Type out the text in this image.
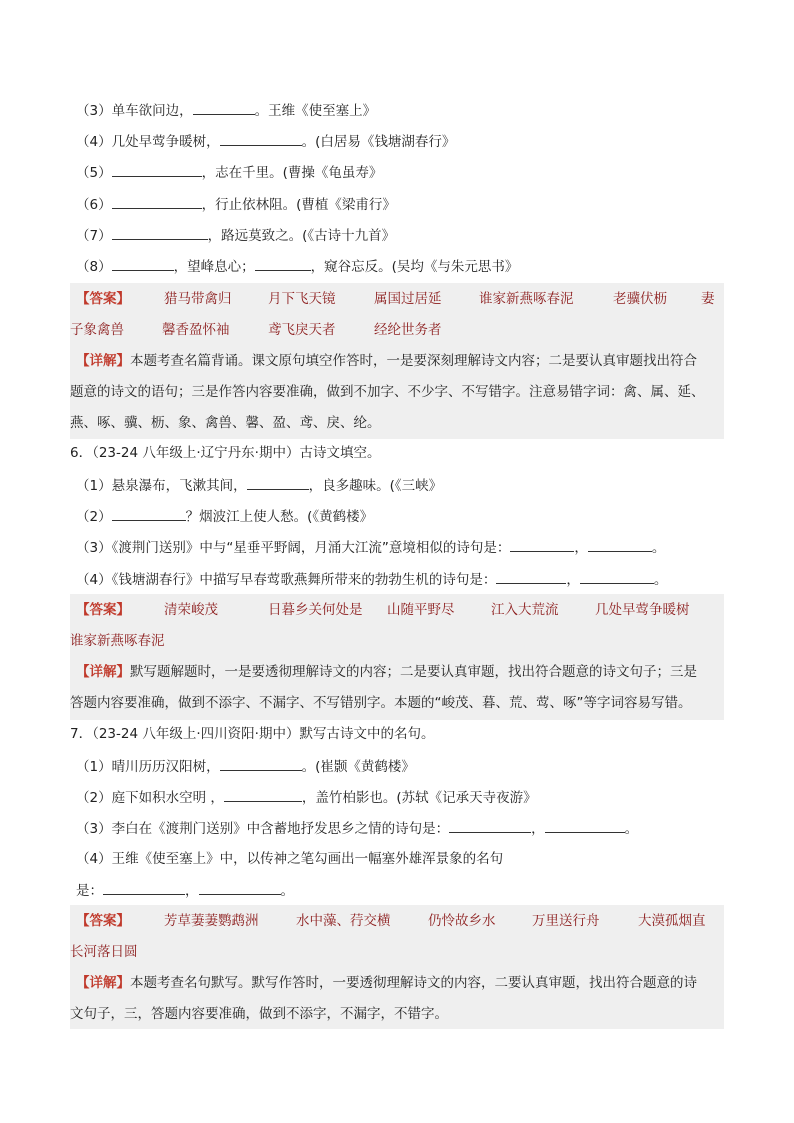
（3）单车欲问边，	。王维《使至塞上》
（4）几处早莺争暖树，	。(白居易《钱塘湖春行》
（5）	，志在千里。(曹操《龟虽寿》
（6）	，行止依林阻。(曹植《梁甫行》
（7）	，路远莫致之。(《古诗十九首》
（8）	，望峰息心；	，窥谷忘反。(吴均《与朱元思书》
【答案】	猎马带禽归	月下飞天镜	属国过居延	谁家新燕啄春泥	老骥伏枥	妻
子象禽兽	馨香盈怀袖	鸢飞戾天者	经纶世务者
【详解】本题考查名篇背诵。课文原句填空作答时，一是要深刻理解诗文内容；二是要认真审题找出符合
题意的诗文的语句；三是作答内容要准确，做到不加字、不少字、不写错字。注意易错字词：禽、属、延、
燕、啄、骥、枥、象、禽兽、馨、盈、鸢、戾、纶。
6．（23-24 八年级上·辽宁丹东·期中）古诗文填空。
（1）悬泉瀑布，飞漱其间，	，良多趣味。(《三峡》
（2）	？烟波江上使人愁。(《黄鹤楼》
（3）《渡荆门送别》中与“星垂平野阔，月涌大江流”意境相似的诗句是：	，	。
（4）《钱塘湖春行》中描写早春莺歌燕舞所带来的勃勃生机的诗句是：	，	。
【答案】	清荣峻茂	日暮乡关何处是 山随平野尽	江入大荒流	几处早莺争暖树
谁家新燕啄春泥
【详解】默写题解题时，一是要透彻理解诗文的内容；二是要认真审题，找出符合题意的诗文句子；三是
答题内容要准确，做到不添字、不漏字、不写错别字。本题的“峻茂、暮、荒、莺、啄”等字词容易写错。
7．（23-24 八年级上·四川资阳·期中）默写古诗文中的名句。
（1）晴川历历汉阳树，	。(崔颢《黄鹤楼》
（2）庭下如积水空明 ，	，盖竹柏影也。(苏轼《记承天寺夜游》
（3）李白在《渡荆门送别》中含蓄地抒发思乡之情的诗句是：	，	。
（4）王维《使至塞上》中，以传神之笔勾画出一幅塞外雄浑景象的名句
是：	，	。
【答案】	芳草萋萋鹦鹉洲	水中藻、荇交横	仍怜故乡水	万里送行舟	大漠孤烟直
长河落日圆
【详解】本题考查名句默写。默写作答时，一要透彻理解诗文的内容，二要认真审题，找出符合题意的诗
文句子，三，答题内容要准确，做到不添字，不漏字，不错字。
